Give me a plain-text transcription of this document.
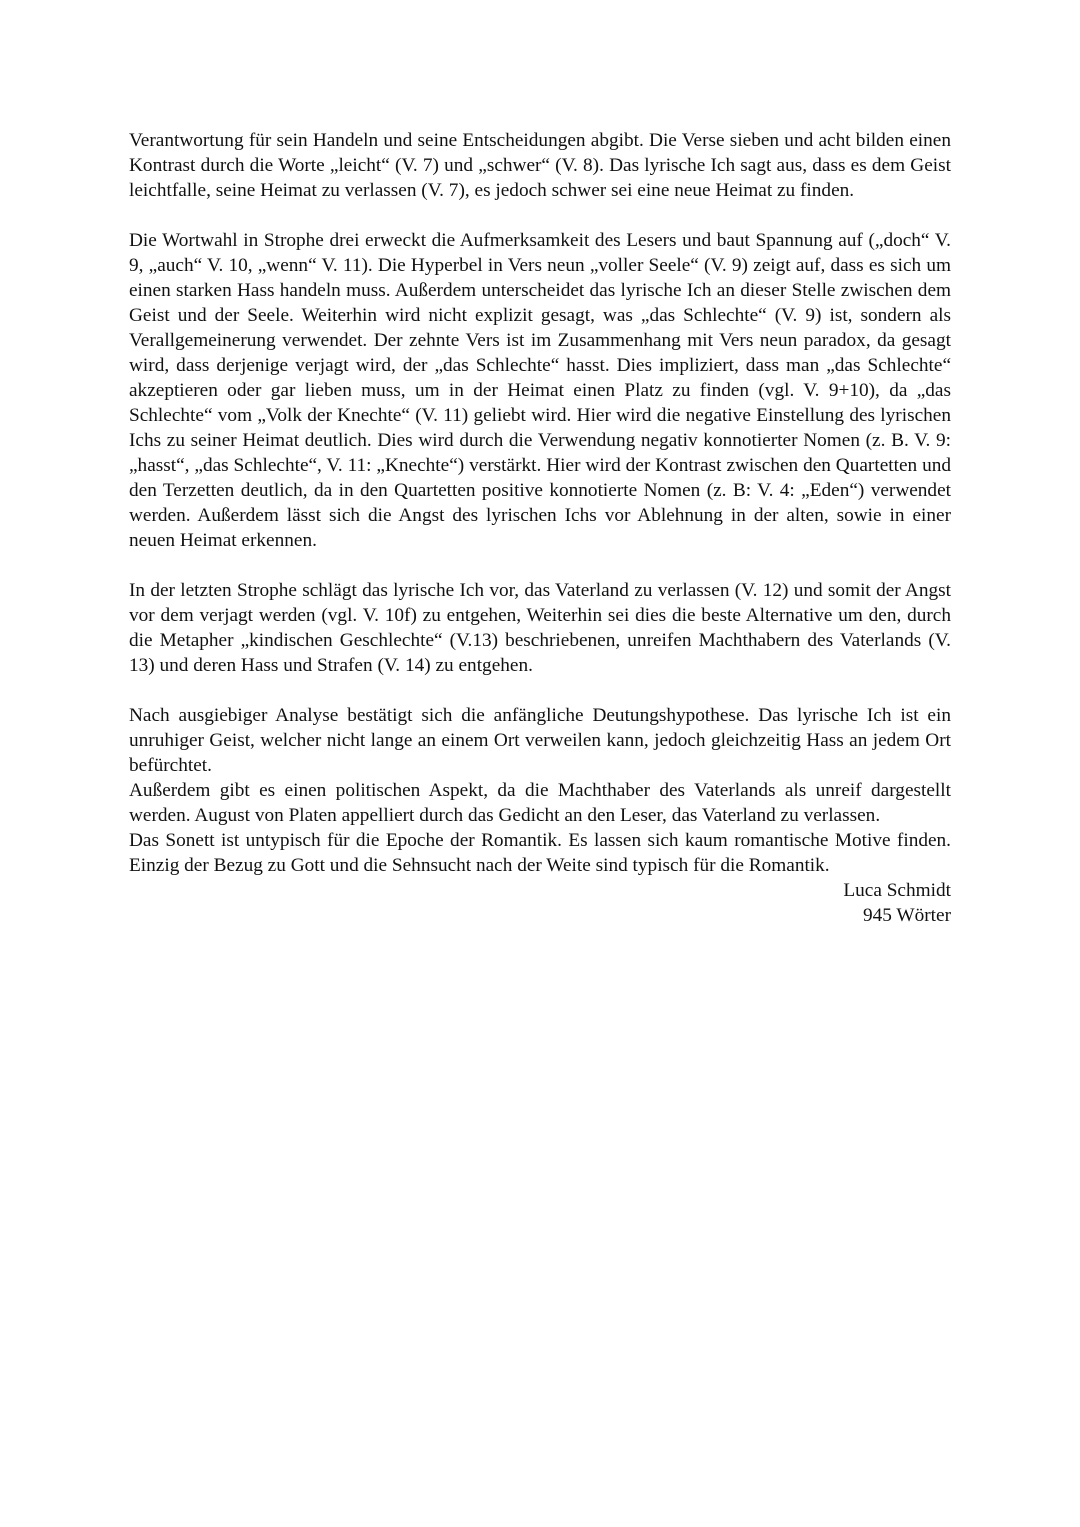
Verantwortung für sein Handeln und seine Entscheidungen abgibt. Die Verse sieben und acht bilden einen Kontrast durch die Worte „leicht“ (V. 7) und „schwer“ (V. 8). Das lyrische Ich sagt aus, dass es dem Geist leichtfalle, seine Heimat zu verlassen (V. 7), es jedoch schwer sei eine neue Heimat zu finden.

Die Wortwahl in Strophe drei erweckt die Aufmerksamkeit des Lesers und baut Spannung auf („doch“ V. 9, „auch“ V. 10, „wenn“ V. 11). Die Hyperbel in Vers neun „voller Seele“ (V. 9) zeigt auf, dass es sich um einen starken Hass handeln muss. Außerdem unterscheidet das lyrische Ich an dieser Stelle zwischen dem Geist und der Seele. Weiterhin wird nicht explizit gesagt, was „das Schlechte“ (V. 9) ist, sondern als Verallgemeinerung verwendet. Der zehnte Vers ist im Zusammenhang mit Vers neun paradox, da gesagt wird, dass derjenige verjagt wird, der „das Schlechte“ hasst. Dies impliziert, dass man „das Schlechte“ akzeptieren oder gar lieben muss, um in der Heimat einen Platz zu finden (vgl. V. 9+10), da „das Schlechte“ vom „Volk der Knechte“ (V. 11) geliebt wird. Hier wird die negative Einstellung des lyrischen Ichs zu seiner Heimat deutlich. Dies wird durch die Verwendung negativ konnotierter Nomen (z. B. V. 9: „hasst“, „das Schlechte“, V. 11: „Knechte“) verstärkt. Hier wird der Kontrast zwischen den Quartetten und den Terzetten deutlich, da in den Quartetten positive konnotierte Nomen (z. B: V. 4: „Eden“) verwendet werden. Außerdem lässt sich die Angst des lyrischen Ichs vor Ablehnung in der alten, sowie in einer neuen Heimat erkennen.

In der letzten Strophe schlägt das lyrische Ich vor, das Vaterland zu verlassen (V. 12) und somit der Angst vor dem verjagt werden (vgl. V. 10f) zu entgehen, Weiterhin sei dies die beste Alternative um den, durch die Metapher „kindischen Geschlechte“ (V.13) beschriebenen, unreifen Machthabern des Vaterlands (V. 13) und deren Hass und Strafen (V. 14) zu entgehen.

Nach ausgiebiger Analyse bestätigt sich die anfängliche Deutungshypothese. Das lyrische Ich ist ein unruhiger Geist, welcher nicht lange an einem Ort verweilen kann, jedoch gleichzeitig Hass an jedem Ort befürchtet.

Außerdem gibt es einen politischen Aspekt, da die Machthaber des Vaterlands als unreif dargestellt werden. August von Platen appelliert durch das Gedicht an den Leser, das Vaterland zu verlassen.

Das Sonett ist untypisch für die Epoche der Romantik. Es lassen sich kaum romantische Motive finden. Einzig der Bezug zu Gott und die Sehnsucht nach der Weite sind typisch für die Romantik.

Luca Schmidt

945 Wörter
